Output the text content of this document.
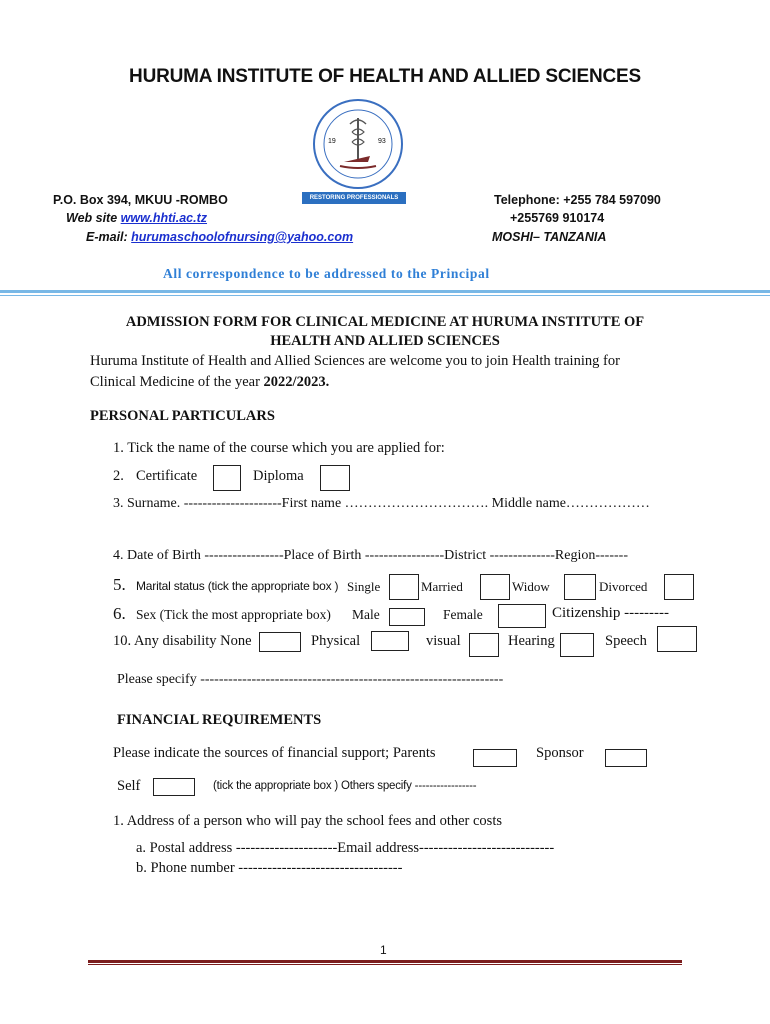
HURUMA INSTITUTE OF HEALTH AND ALLIED SCIENCES
19	93
RESTORING PROFESSIONALS
P.O. Box 394, MKUU -ROMBO
Web site www.hhti.ac.tz
E-mail: hurumaschoolofnursing@yahoo.com
Telephone: +255 784 597090
+255769 910174
MOSHI– TANZANIA
All correspondence to be addressed to the Principal
ADMISSION FORM FOR CLINICAL MEDICINE AT HURUMA INSTITUTE OF
HEALTH AND ALLIED SCIENCES
Huruma Institute of Health and Allied Sciences are welcome you to join Health training for
Clinical Medicine of the year 2022/2023.
PERSONAL PARTICULARS
1. Tick the name of the course which you are applied for:
2. Certificate	Diploma
3. Surname. ---------------------First name …………………………. Middle name………………
4. Date of Birth -----------------Place of Birth -----------------District --------------Region-------
5. Marital status (tick the appropriate box ) Single	Married	Widow	Divorced
6. Sex (Tick the most appropriate box) Male	Female	Citizenship ---------
10. Any disability None	Physical	visual	Hearing	Speech
Please specify -----------------------------------------------------------------
FINANCIAL REQUIREMENTS
Please indicate the sources of financial support; Parents	Sponsor
Self	(tick the appropriate box ) Others specify -----------------
1. Address of a person who will pay the school fees and other costs
a. Postal address ---------------------Email address----------------------------
b. Phone number ----------------------------------
1
